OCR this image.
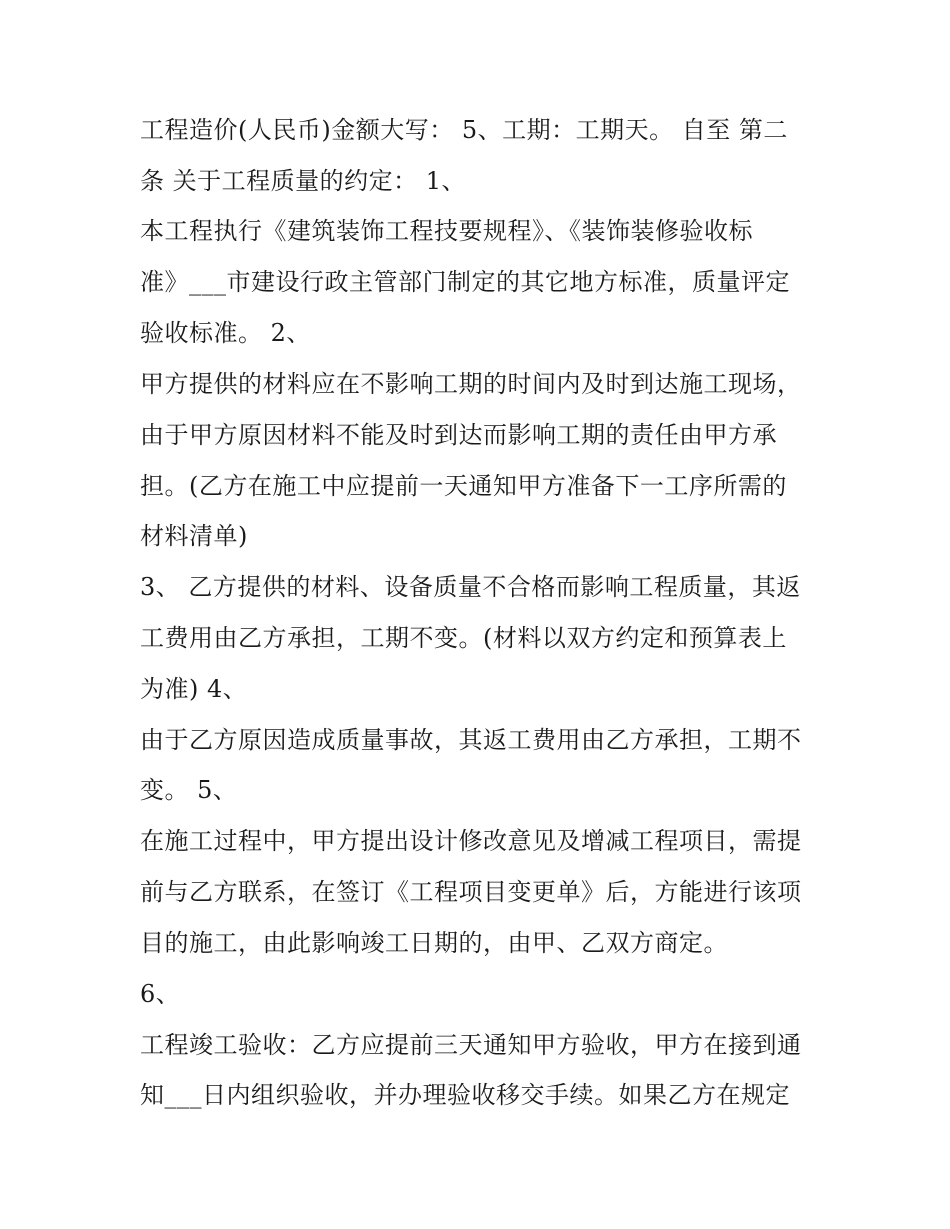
工程造价(人民币)金额大写： 5、工期：工期天。 自至 第二
条 关于工程质量的约定： 1、
本工程执行《建筑装饰工程技要规程》、《装饰装修验收标
准》___市建设行政主管部门制定的其它地方标准，质量评定
验收标准。 2、
甲方提供的材料应在不影响工期的时间内及时到达施工现场，
由于甲方原因材料不能及时到达而影响工期的责任由甲方承
担。(乙方在施工中应提前一天通知甲方准备下一工序所需的
材料清单)
3、 乙方提供的材料、设备质量不合格而影响工程质量，其返
工费用由乙方承担，工期不变。(材料以双方约定和预算表上
为准) 4、
由于乙方原因造成质量事故，其返工费用由乙方承担，工期不
变。 5、
在施工过程中，甲方提出设计修改意见及增减工程项目，需提
前与乙方联系，在签订《工程项目变更单》后，方能进行该项
目的施工，由此影响竣工日期的，由甲、乙双方商定。
6、
工程竣工验收：乙方应提前三天通知甲方验收，甲方在接到通
知___日内组织验收，并办理验收移交手续。如果乙方在规定
